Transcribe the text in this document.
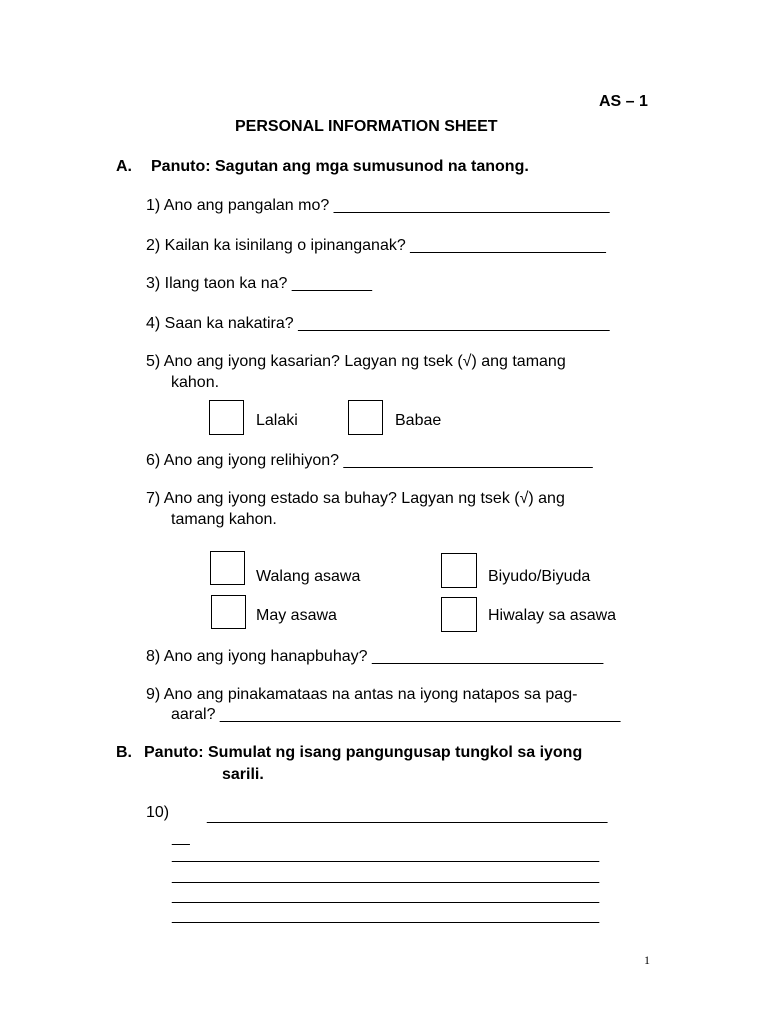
AS – 1
PERSONAL INFORMATION SHEET
A. Panuto: Sagutan ang mga sumusunod na tanong.
1) Ano ang pangalan mo? _______________________________
2) Kailan ka isinilang o ipinanganak? ______________________
3) Ilang taon ka na? _________
4) Saan ka nakatira? ___________________________________
5) Ano ang iyong kasarian? Lagyan ng tsek (√) ang tamang
kahon.
Lalaki	Babae
6) Ano ang iyong relihiyon? ____________________________
7) Ano ang iyong estado sa buhay? Lagyan ng tsek (√) ang
tamang kahon.
Walang asawa	Biyudo/Biyuda
May asawa	Hiwalay sa asawa
8) Ano ang iyong hanapbuhay? __________________________
9) Ano ang pinakamataas na antas na iyong natapos sa pag-
aaral? _____________________________________________
B. Panuto: Sumulat ng isang pangungusap tungkol sa iyong
sarili.
10) _____________________________________________
__
________________________________________________
________________________________________________
________________________________________________
________________________________________________
1
